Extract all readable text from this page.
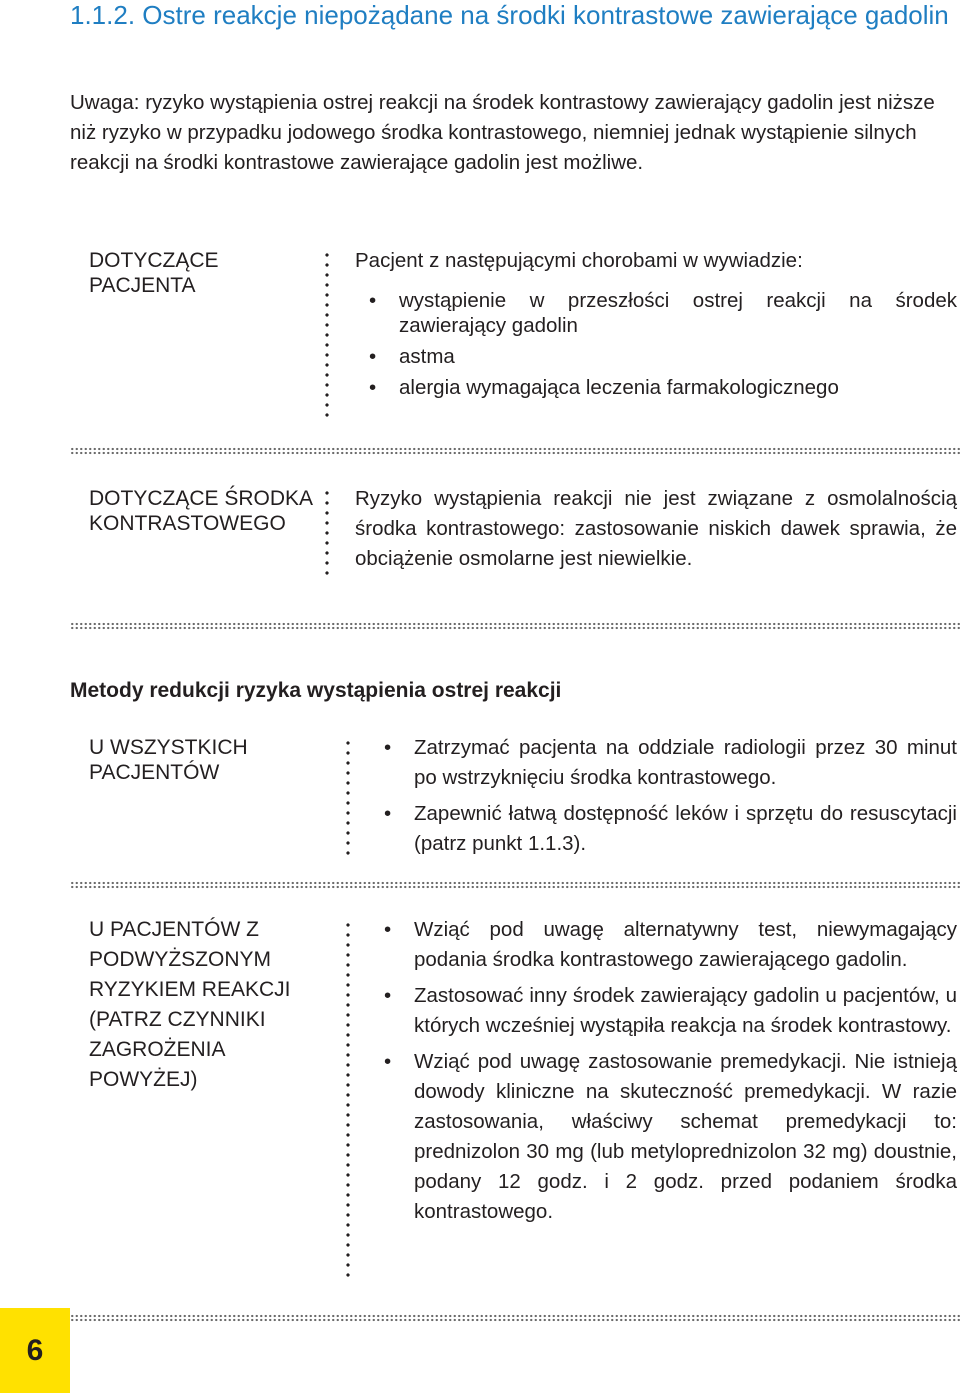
1.1.2. Ostre reakcje niepożądane na środki kontrastowe zawierające gadolin

Uwaga: ryzyko wystąpienia ostrej reakcji na środek kontrastowy zawierający gadolin jest niższe niż ryzyko w przypadku jodowego środka kontrastowego, niemniej jednak wystąpienie silnych reakcji na środki kontrastowe zawierające gadolin jest możliwe.

DOTYCZĄCE PACJENTA

Pacjent z następującymi chorobami w wywiadzie:

• wystąpienie w przeszłości ostrej reakcji na środek zawierający gadolin
• astma
• alergia wymagająca leczenia farmakologicznego

DOTYCZĄCE ŚRODKA KONTRASTOWEGO

Ryzyko wystąpienia reakcji nie jest związane z osmolalnością środka kontrastowego: zastosowanie niskich dawek sprawia, że obciążenie osmolarne jest niewielkie.

Metody redukcji ryzyka wystąpienia ostrej reakcji

U WSZYSTKICH PACJENTÓW

• Zatrzymać pacjenta na oddziale radiologii przez 30 minut po wstrzyknięciu środka kontrastowego.
• Zapewnić łatwą dostępność leków i sprzętu do resuscytacji (patrz punkt 1.1.3).

U PACJENTÓW Z PODWYŻSZONYM RYZYKIEM REAKCJI (PATRZ CZYNNIKI ZAGROŻENIA POWYŻEJ)

• Wziąć pod uwagę alternatywny test, niewymagający podania środka kontrastowego zawierającego gadolin.
• Zastosować inny środek zawierający gadolin u pacjentów, u których wcześniej wystąpiła reakcja na środek kontrastowy.
• Wziąć pod uwagę zastosowanie premedykacji. Nie istnieją dowody kliniczne na skuteczność premedykacji. W razie zastosowania, właściwy schemat premedykacji to: prednizolon 30 mg (lub metyloprednizolon 32 mg) doustnie, podany 12 godz. i 2 godz. przed podaniem środka kontrastowego.
6
